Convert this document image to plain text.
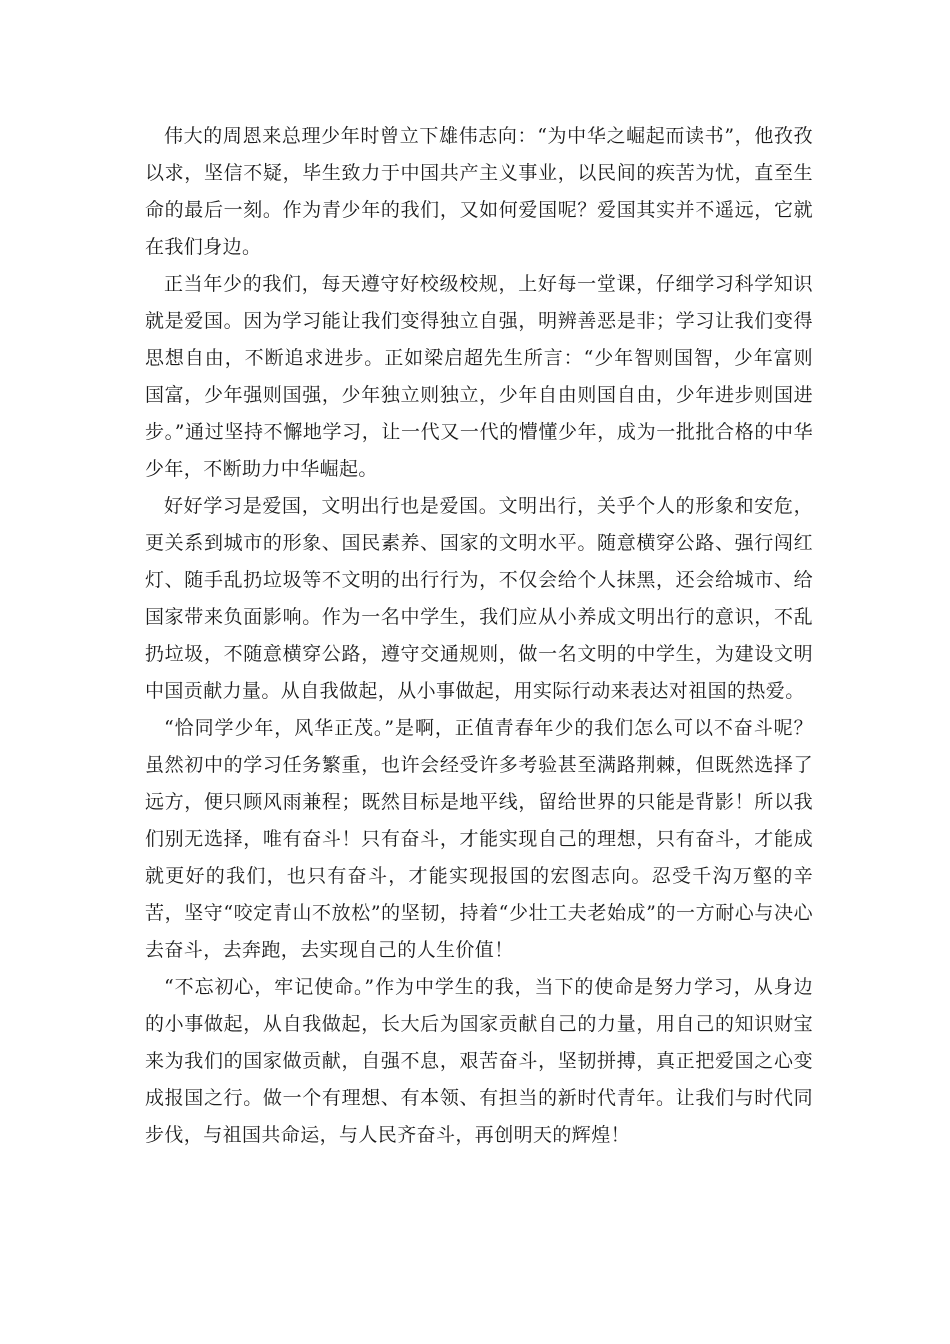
伟大的周恩来总理少年时曾立下雄伟志向：“为中华之崛起而读书”，他孜孜以求，坚信不疑，毕生致力于中国共产主义事业，以民间的疾苦为忧，直至生命的最后一刻。作为青少年的我们，又如何爱国呢？爱国其实并不遥远，它就在我们身边。

正当年少的我们，每天遵守好校级校规，上好每一堂课，仔细学习科学知识就是爱国。因为学习能让我们变得独立自强，明辨善恶是非；学习让我们变得思想自由，不断追求进步。正如梁启超先生所言：“少年智则国智，少年富则国富，少年强则国强，少年独立则独立，少年自由则国自由，少年进步则国进步。”通过坚持不懈地学习，让一代又一代的懵懂少年，成为一批批合格的中华少年，不断助力中华崛起。

好好学习是爱国，文明出行也是爱国。文明出行，关乎个人的形象和安危，更关系到城市的形象、国民素养、国家的文明水平。随意横穿公路、强行闯红灯、随手乱扔垃圾等不文明的出行行为，不仅会给个人抹黑，还会给城市、给国家带来负面影响。作为一名中学生，我们应从小养成文明出行的意识，不乱扔垃圾，不随意横穿公路，遵守交通规则，做一名文明的中学生，为建设文明中国贡献力量。从自我做起，从小事做起，用实际行动来表达对祖国的热爱。

“恰同学少年，风华正茂。”是啊，正值青春年少的我们怎么可以不奋斗呢？虽然初中的学习任务繁重，也许会经受许多考验甚至满路荆棘，但既然选择了远方，便只顾风雨兼程；既然目标是地平线，留给世界的只能是背影！所以我们别无选择，唯有奋斗！只有奋斗，才能实现自己的理想，只有奋斗，才能成就更好的我们，也只有奋斗，才能实现报国的宏图志向。忍受千沟万壑的辛苦，坚守“咬定青山不放松”的坚韧，持着“少壮工夫老始成”的一方耐心与决心去奋斗，去奔跑，去实现自己的人生价值！

“不忘初心，牢记使命。”作为中学生的我，当下的使命是努力学习，从身边的小事做起，从自我做起，长大后为国家贡献自己的力量，用自己的知识财宝来为我们的国家做贡献，自强不息，艰苦奋斗，坚韧拼搏，真正把爱国之心变成报国之行。做一个有理想、有本领、有担当的新时代青年。让我们与时代同步伐，与祖国共命运，与人民齐奋斗，再创明天的辉煌！
